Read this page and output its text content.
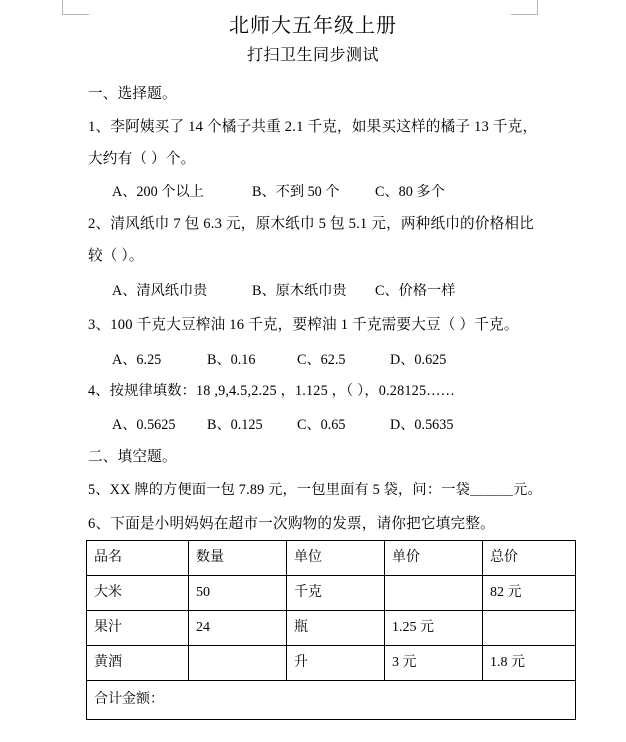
北师大五年级上册
打扫卫生同步测试
一、选择题。
1、李阿姨买了 14 个橘子共重 2.1 千克，如果买这样的橘子 13 千克，
大约有（ ）个。
A、200 个以上	B、不到 50 个	C、80 多个
2、清风纸巾 7 包 6.3 元，原木纸巾 5 包 5.1 元，两种纸巾的价格相比
较（ ）。
A、清风纸巾贵	B、原木纸巾贵 C、价格一样
3、100 千克大豆榨油 16 千克，要榨油 1 千克需要大豆（ ）千克。
A、6.25	B、0.16	C、62.5	D、0.625
4、按规律填数：18 ,9,4.5,2.25 ，1.125 ，（ ），0.28125……
A、0.5625 B、0.125 C、0.65	D、0.5635
二、填空题。
5、XX 牌的方便面一包 7.89 元，一包里面有 5 袋，问：一袋＿＿＿元。
6、下面是小明妈妈在超市一次购物的发票，请你把它填完整。
品名	数量	单位	单价	总价
大米	50	千克		82 元
果汁	24	瓶	1.25 元	
黄酒		升	3 元	1.8 元
合计金额：				
